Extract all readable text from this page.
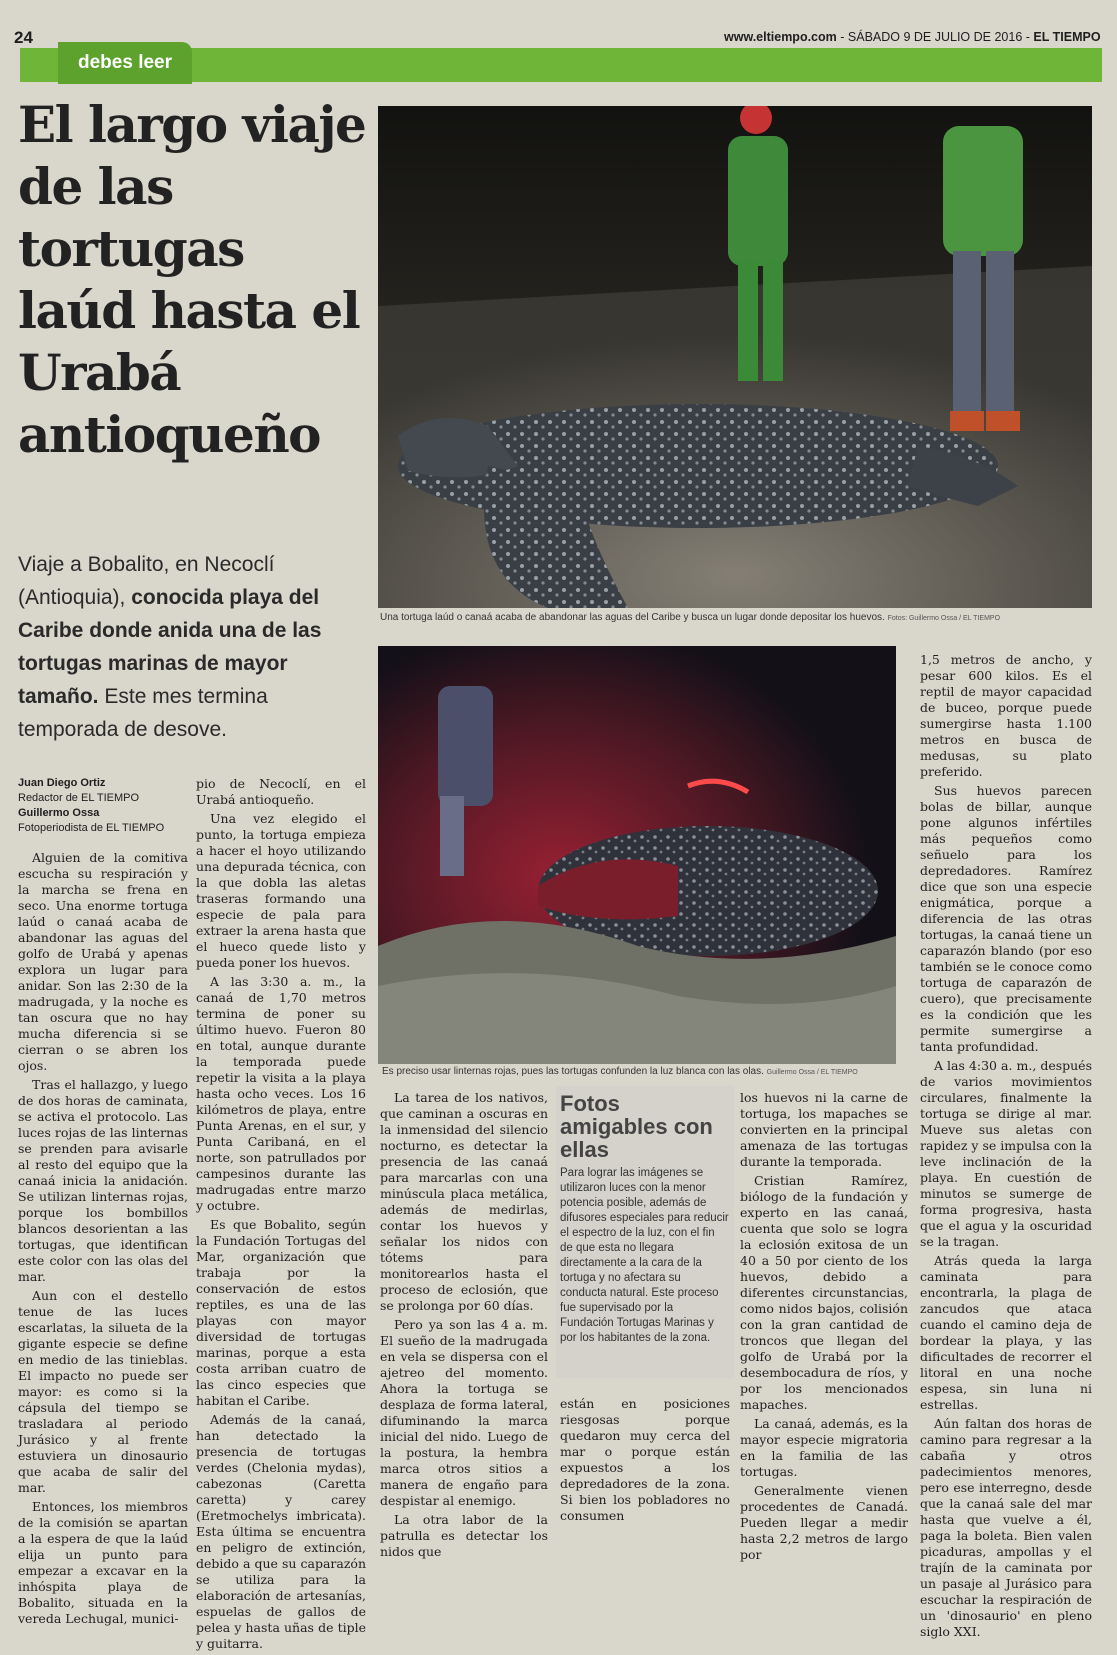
24	www.eltiempo.com - SÁBADO 9 DE JULIO DE 2016 - EL TIEMPO
debes leer
El largo viaje de las tortugas laúd hasta el Urabá antioqueño

Viaje a Bobalito, en Necoclí (Antioquia), conocida playa del Caribe donde anida una de las tortugas marinas de mayor tamaño. Este mes termina temporada de desove.

Juan Diego Ortiz
Redactor de EL TIEMPO
Guillermo Ossa
Fotoperiodista de EL TIEMPO
Una tortuga laúd o canaá acaba de abandonar las aguas del Caribe y busca un lugar donde depositar los huevos. Fotos: Guillermo Ossa / EL TIEMPO
Es preciso usar linternas rojas, pues las tortugas confunden la luz blanca con las olas. Guillermo Ossa / EL TIEMPO
Fotos amigables con ellas

Para lograr las imágenes se utilizaron luces con la menor potencia posible, además de difusores especiales para reducir el espectro de la luz, con el fin de que esta no llegara directamente a la cara de la tortuga y no afectara su conducta natural. Este proceso fue supervisado por la Fundación Tortugas Marinas y por los habitantes de la zona.

Alguien de la comitiva escucha su respiración y la marcha se frena en seco. Una enorme tortuga laúd o canaá acaba de abandonar las aguas del golfo de Urabá y apenas explora un lugar para anidar. Son las 2:30 de la madrugada, y la noche es tan oscura que no hay mucha diferencia si se cierran o se abren los ojos.

Tras el hallazgo, y luego de dos horas de caminata, se activa el protocolo. Las luces rojas de las linternas se prenden para avisarle al resto del equipo que la canaá inicia la anidación. Se utilizan linternas rojas, porque los bombillos blancos desorientan a las tortugas, que identifican este color con las olas del mar.

Aun con el destello tenue de las luces escarlatas, la silueta de la gigante especie se define en medio de las tinieblas. El impacto no puede ser mayor: es como si la cápsula del tiempo se trasladara al periodo Jurásico y al frente estuviera un dinosaurio que acaba de salir del mar.

Entonces, los miembros de la comisión se apartan a la espera de que la laúd elija un punto para empezar a excavar en la inhóspita playa de Bobalito, situada en la vereda Lechugal, munici-

pio de Necoclí, en el Urabá antioqueño.

Una vez elegido el punto, la tortuga empieza a hacer el hoyo utilizando una depurada técnica, con la que dobla las aletas traseras formando una especie de pala para extraer la arena hasta que el hueco quede listo y pueda poner los huevos.

A las 3:30 a. m., la canaá de 1,70 metros termina de poner su último huevo. Fueron 80 en total, aunque durante la temporada puede repetir la visita a la playa hasta ocho veces. Los 16 kilómetros de playa, entre Punta Arenas, en el sur, y Punta Caribaná, en el norte, son patrullados por campesinos durante las madrugadas entre marzo y octubre.

Es que Bobalito, según la Fundación Tortugas del Mar, organización que trabaja por la conservación de estos reptiles, es una de las playas con mayor diversidad de tortugas marinas, porque a esta costa arriban cuatro de las cinco especies que habitan el Caribe.

Además de la canaá, han detectado la presencia de tortugas verdes (Chelonia mydas), cabezonas (Caretta caretta) y carey (Eretmochelys imbricata). Esta última se encuentra en peligro de extinción, debido a que su caparazón se utiliza para la elaboración de artesanías, espuelas de gallos de pelea y hasta uñas de tiple y guitarra.

La tarea de los nativos, que caminan a oscuras en la inmensidad del silencio nocturno, es detectar la presencia de las canaá para marcarlas con una minúscula placa metálica, además de medirlas, contar los huevos y señalar los nidos con tótems para monitorearlos hasta el proceso de eclosión, que se prolonga por 60 días.

Pero ya son las 4 a. m. El sueño de la madrugada en vela se dispersa con el ajetreo del momento. Ahora la tortuga se desplaza de forma lateral, difuminando la marca inicial del nido. Luego de la postura, la hembra marca otros sitios a manera de engaño para despistar al enemigo.

La otra labor de la patrulla es detectar los nidos que

están en posiciones riesgosas porque quedaron muy cerca del mar o porque están expuestos a los depredadores de la zona. Si bien los pobladores no consumen

los huevos ni la carne de tortuga, los mapaches se convierten en la principal amenaza de las tortugas durante la temporada.

Cristian Ramírez, biólogo de la fundación y experto en las canaá, cuenta que solo se logra la eclosión exitosa de un 40 a 50 por ciento de los huevos, debido a diferentes circunstancias, como nidos bajos, colisión con la gran cantidad de troncos que llegan del golfo de Urabá por la desembocadura de ríos, y por los mencionados mapaches.

La canaá, además, es la mayor especie migratoria en la familia de las tortugas.

Generalmente vienen procedentes de Canadá. Pueden llegar a medir hasta 2,2 metros de largo por

1,5 metros de ancho, y pesar 600 kilos. Es el reptil de mayor capacidad de buceo, porque puede sumergirse hasta 1.100 metros en busca de medusas, su plato preferido.

Sus huevos parecen bolas de billar, aunque pone algunos infértiles más pequeños como señuelo para los depredadores. Ramírez dice que son una especie enigmática, porque a diferencia de las otras tortugas, la canaá tiene un caparazón blando (por eso también se le conoce como tortuga de caparazón de cuero), que precisamente es la condición que les permite sumergirse a tanta profundidad.

A las 4:30 a. m., después de varios movimientos circulares, finalmente la tortuga se dirige al mar. Mueve sus aletas con rapidez y se impulsa con la leve inclinación de la playa. En cuestión de minutos se sumerge de forma progresiva, hasta que el agua y la oscuridad se la tragan.

Atrás queda la larga caminata para encontrarla, la plaga de zancudos que ataca cuando el camino deja de bordear la playa, y las dificultades de recorrer el litoral en una noche espesa, sin luna ni estrellas.

Aún faltan dos horas de camino para regresar a la cabaña y otros padecimientos menores, pero ese interregno, desde que la canaá sale del mar hasta que vuelve a él, paga la boleta. Bien valen picaduras, ampollas y el trajín de la caminata por un pasaje al Jurásico para escuchar la respiración de un 'dinosaurio' en pleno siglo XXI.
